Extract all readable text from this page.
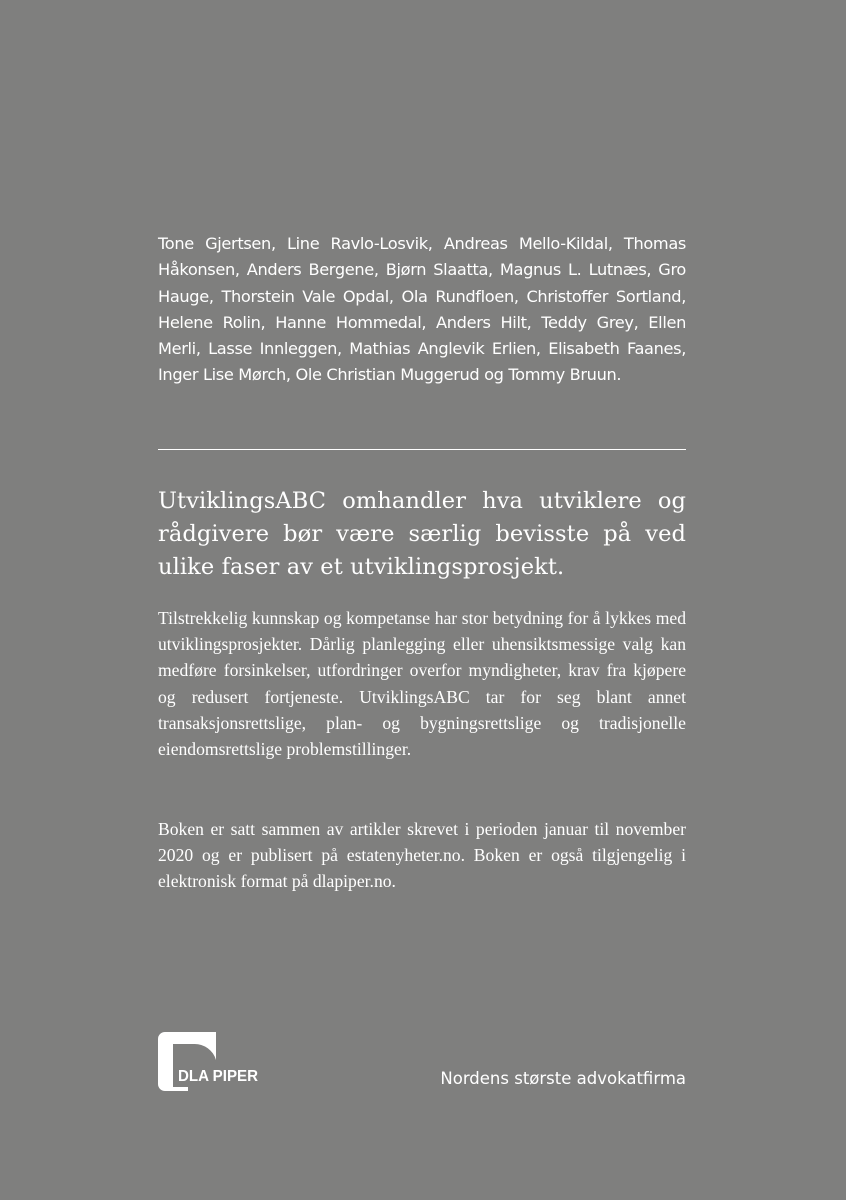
Tone Gjertsen, Line Ravlo-Losvik, Andreas Mello-Kildal, Thomas Håkonsen, Anders Bergene, Bjørn Slaatta, Magnus L. Lutnæs, Gro Hauge, Thorstein Vale Opdal, Ola Rundfloen, Christoffer Sortland, Helene Rolin, Hanne Hommedal, Anders Hilt, Teddy Grey, Ellen Merli, Lasse Innleggen, Mathias Anglevik Erlien, Elisabeth Faanes, Inger Lise Mørch, Ole Christian Muggerud og Tommy Bruun.

UtviklingsABC omhandler hva utviklere og rådgivere bør være særlig bevisste på ved ulike faser av et utviklingsprosjekt.

Tilstrekkelig kunnskap og kompetanse har stor betydning for å lykkes med utviklingsprosjekter. Dårlig planlegging eller uhensiktsmessige valg kan medføre forsinkelser, utfordringer overfor myndigheter, krav fra kjøpere og redusert fortjeneste. UtviklingsABC tar for seg blant annet transaksjonsrettslige, plan- og bygningsrettslige og tradisjonelle eiendomsrettslige problemstillinger.

Boken er satt sammen av artikler skrevet i perioden januar til november 2020 og er publisert på estatenyheter.no. Boken er også tilgjengelig i elektronisk format på dlapiper.no.

DLA PIPER	Nordens største advokatfirma
